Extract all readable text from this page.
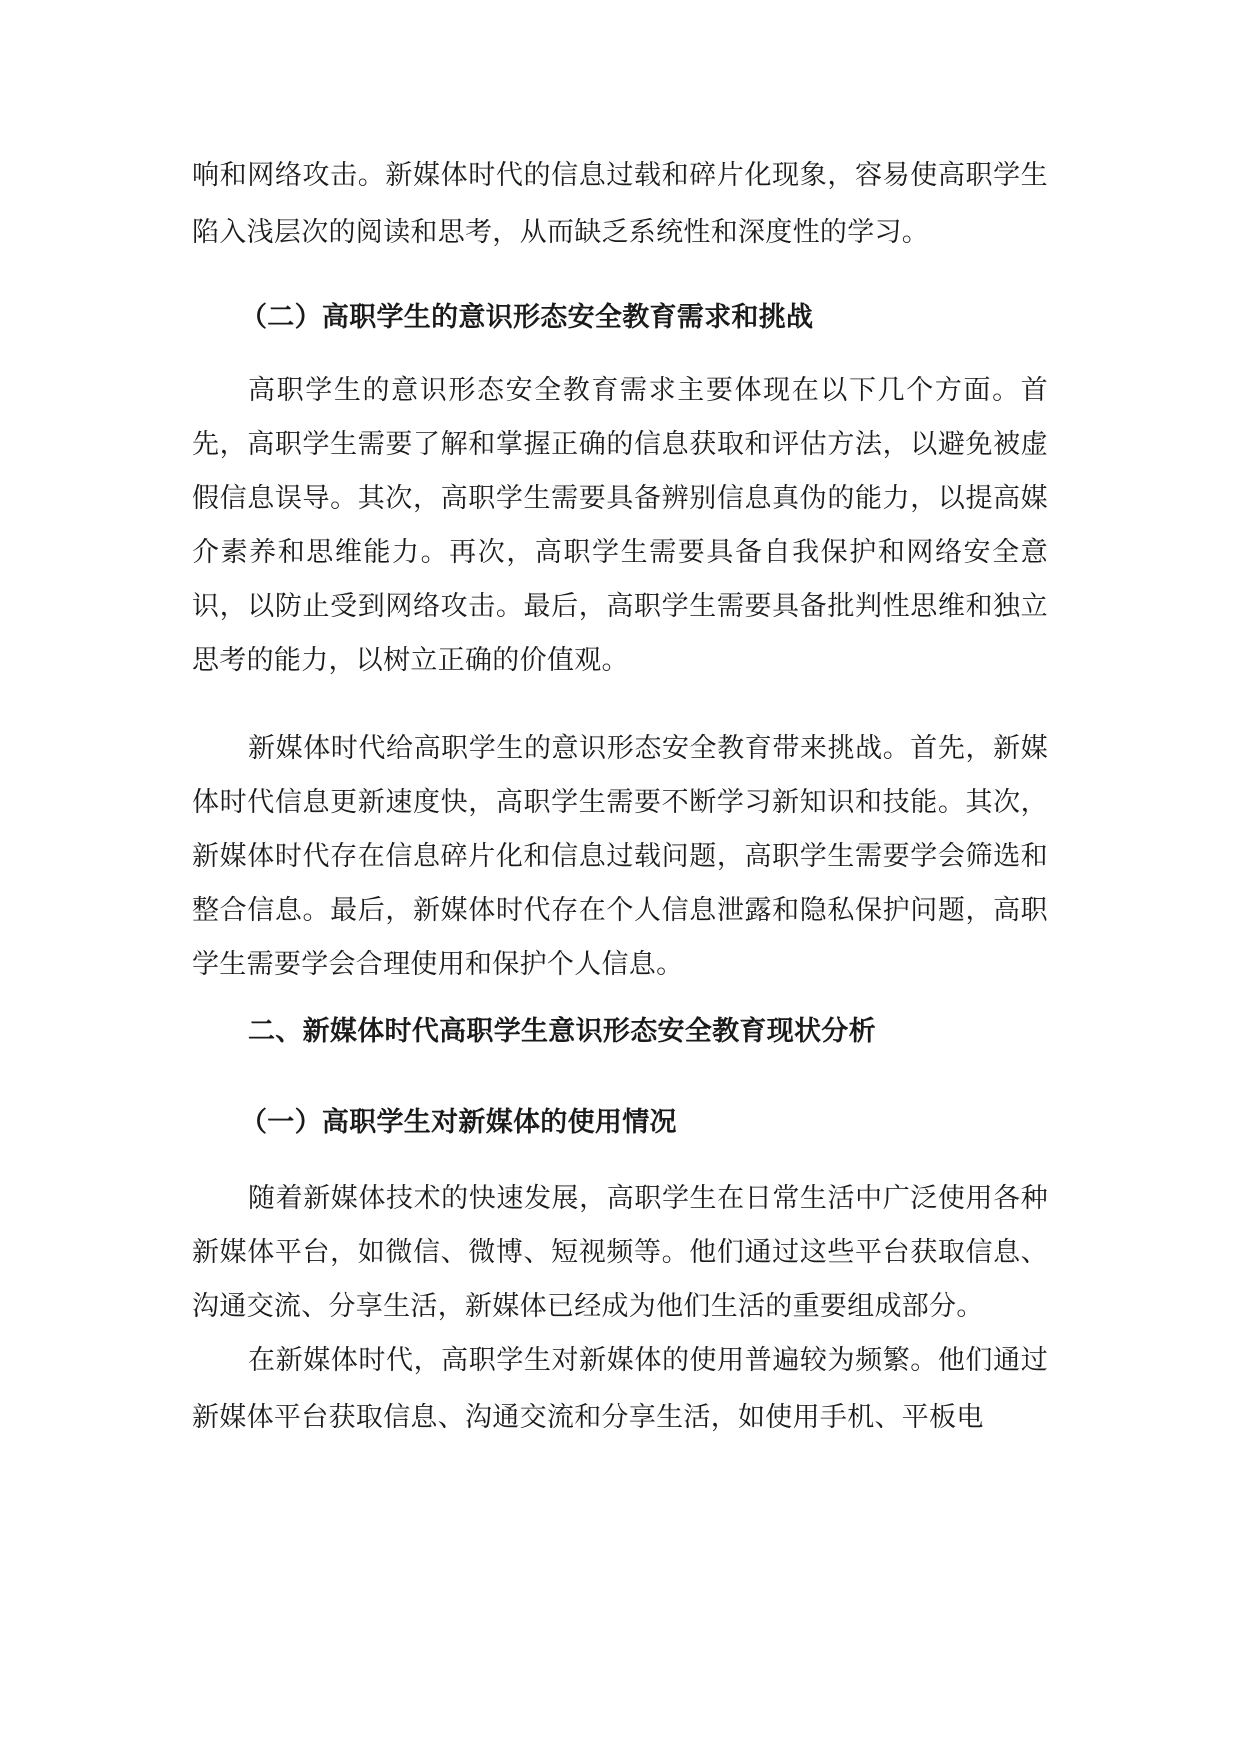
响和网络攻击。新媒体时代的信息过载和碎片化现象，容易使高职学生陷入浅层次的阅读和思考，从而缺乏系统性和深度性的学习。

（二）高职学生的意识形态安全教育需求和挑战

高职学生的意识形态安全教育需求主要体现在以下几个方面。首先，高职学生需要了解和掌握正确的信息获取和评估方法，以避免被虚假信息误导。其次，高职学生需要具备辨别信息真伪的能力，以提高媒介素养和思维能力。再次，高职学生需要具备自我保护和网络安全意识，以防止受到网络攻击。最后，高职学生需要具备批判性思维和独立思考的能力，以树立正确的价值观。

新媒体时代给高职学生的意识形态安全教育带来挑战。首先，新媒体时代信息更新速度快，高职学生需要不断学习新知识和技能。其次，新媒体时代存在信息碎片化和信息过载问题，高职学生需要学会筛选和整合信息。最后，新媒体时代存在个人信息泄露和隐私保护问题，高职学生需要学会合理使用和保护个人信息。

二、新媒体时代高职学生意识形态安全教育现状分析
（一）高职学生对新媒体的使用情况

随着新媒体技术的快速发展，高职学生在日常生活中广泛使用各种新媒体平台，如微信、微博、短视频等。他们通过这些平台获取信息、沟通交流、分享生活，新媒体已经成为他们生活的重要组成部分。

在新媒体时代，高职学生对新媒体的使用普遍较为频繁。他们通过新媒体平台获取信息、沟通交流和分享生活，如使用手机、平板电
